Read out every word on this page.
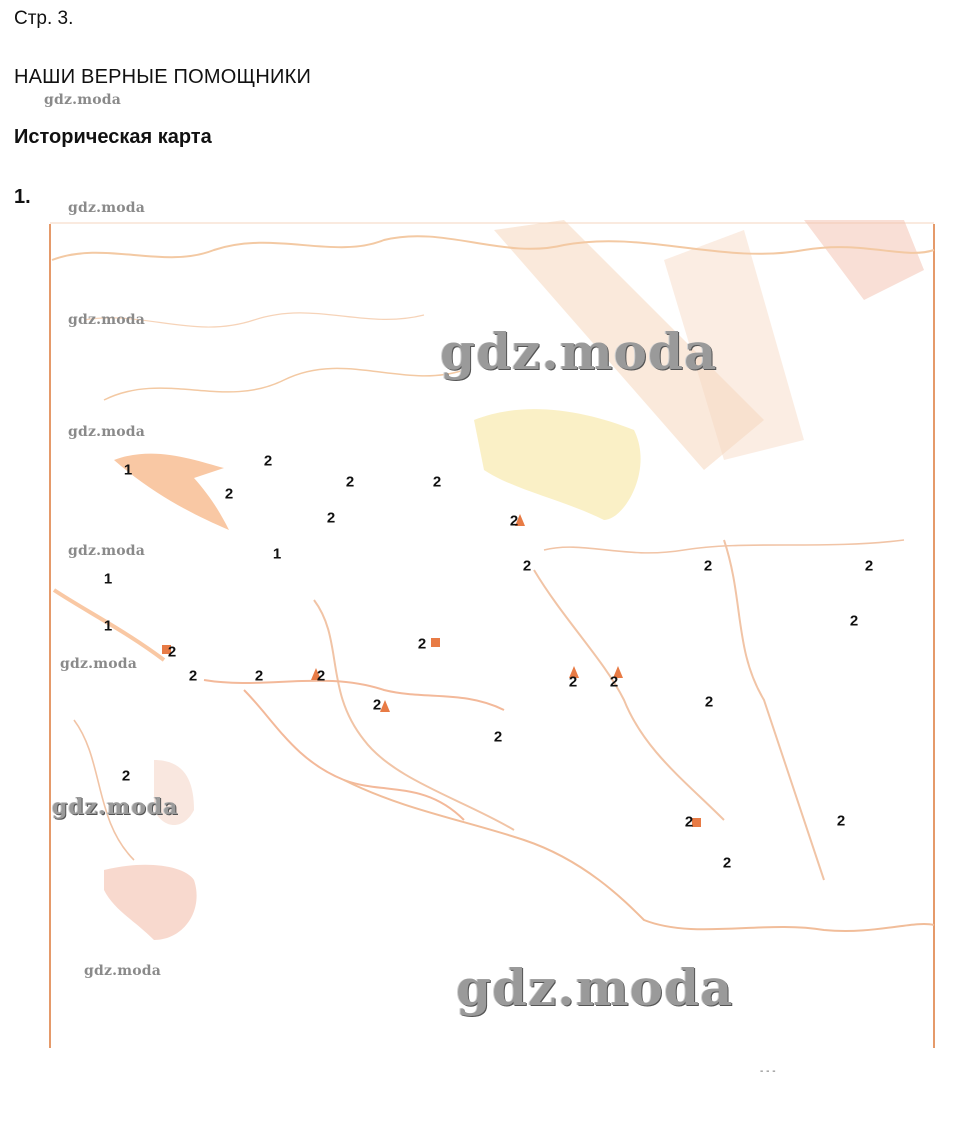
Стр. 3.
gdz.moda
НАШИ ВЕРНЫЕ ПОМОЩНИКИ
Историческая карта
1.
1
2
2
2	2
2	2
1
1
2	2	2
1	2
2
2
2	2	2	2 2
2
2
2
2
2	2
2
gdz.moda
gdz.moda
gdz.moda
gdz.moda
gdz.moda
gdz.moda
gdz.moda
gdz.moda
gdz.moda
- - -
